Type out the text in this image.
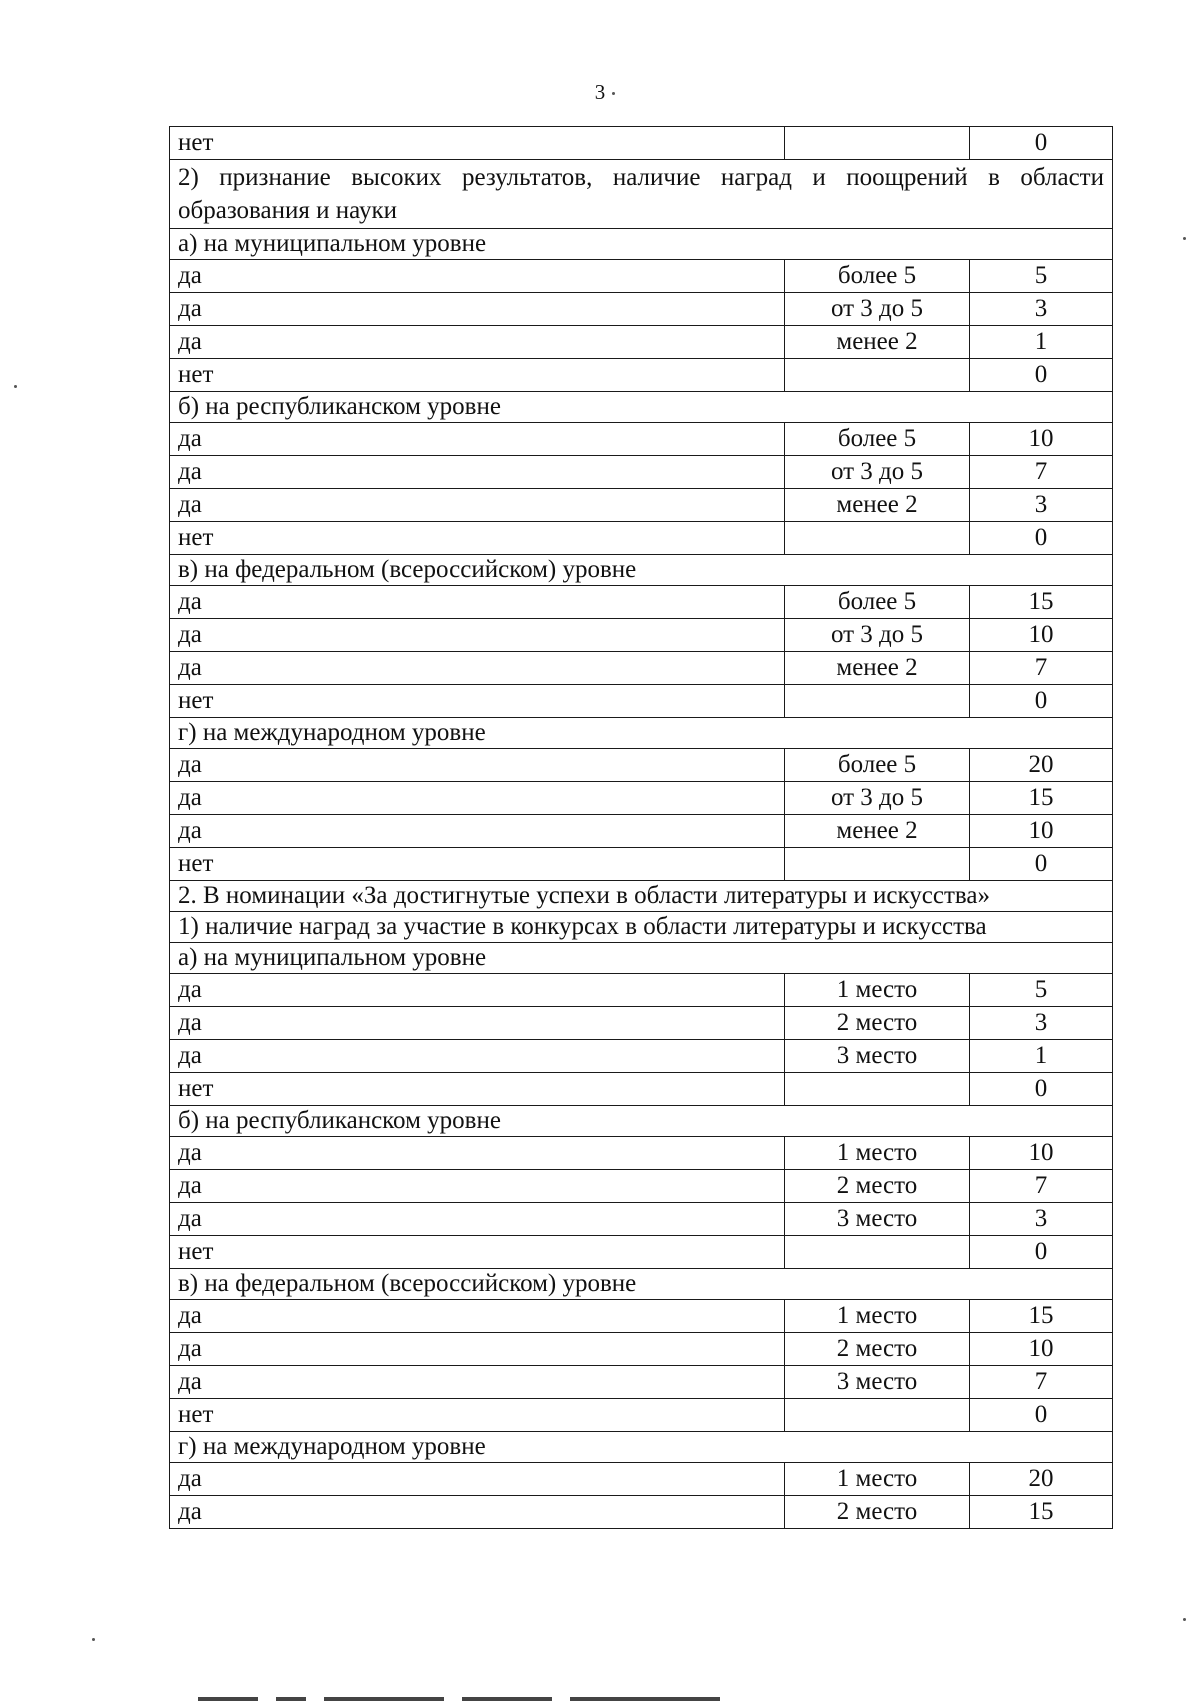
3
нет		0
2) признание высоких результатов, наличие наград и поощрений в области образования и науки		
а) на муниципальном уровне		
да	более 5	5
да	от 3 до 5	3
да	менее 2	1
нет		0
б) на республиканском уровне		
да	более 5	10
да	от 3 до 5	7
да	менее 2	3
нет		0
в) на федеральном (всероссийском) уровне		
да	более 5	15
да	от 3 до 5	10
да	менее 2	7
нет		0
г) на международном уровне		
да	более 5	20
да	от 3 до 5	15
да	менее 2	10
нет		0
2. В номинации «За достигнутые успехи в области литературы и искусства»		
1) наличие наград за участие в конкурсах в области литературы и искусства		
а) на муниципальном уровне		
да	1 место	5
да	2 место	3
да	3 место	1
нет		0
б) на республиканском уровне		
да	1 место	10
да	2 место	7
да	3 место	3
нет		0
в) на федеральном (всероссийском) уровне		
да	1 место	15
да	2 место	10
да	3 место	7
нет		0
г) на международном уровне		
да	1 место	20
да	2 место	15
